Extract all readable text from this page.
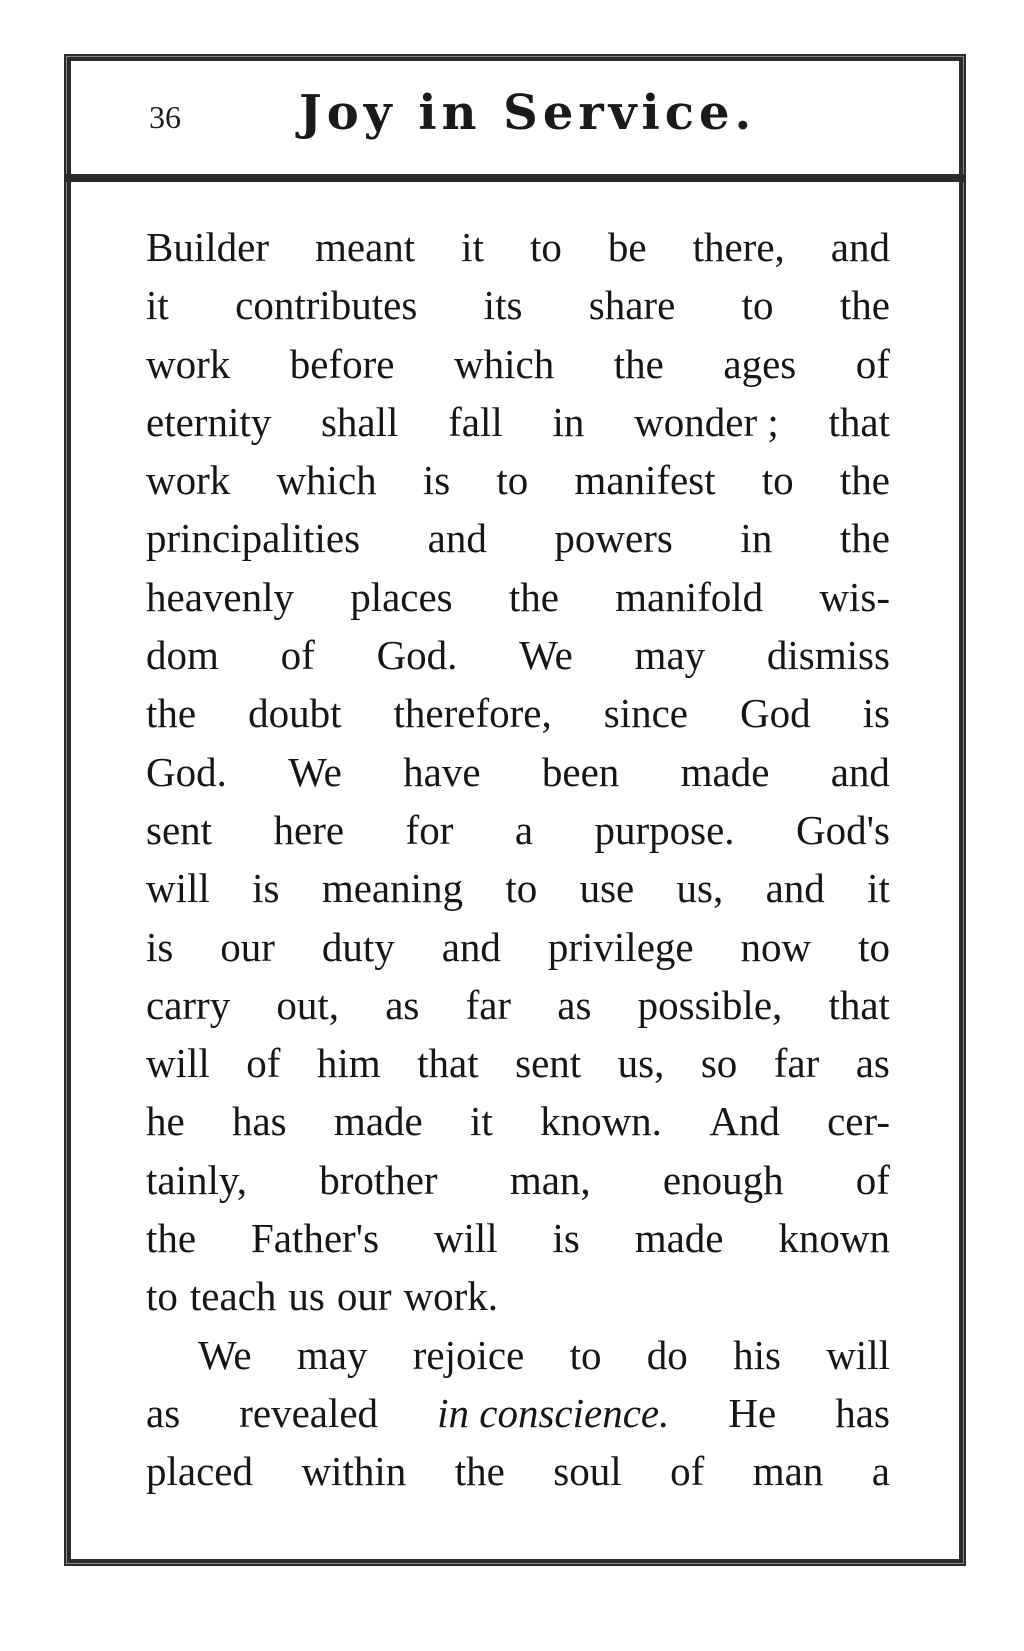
36 Joy in Service.
Builder meant it to be there, and
it contributes its share to the
work before which the ages of
eternity shall fall in wonder ; that
work which is to manifest to the
principalities and powers in the
heavenly places the manifold wis-
dom of God. We may dismiss
the doubt therefore, since God is
God. We have been made and
sent here for a purpose. God's
will is meaning to use us, and it
is our duty and privilege now to
carry out, as far as possible, that
will of him that sent us, so far as
he has made it known. And cer-
tainly, brother man, enough of
the Father's will is made known
to teach us our work.
We may rejoice to do his will
as revealed in conscience. He has
placed within the soul of man a
